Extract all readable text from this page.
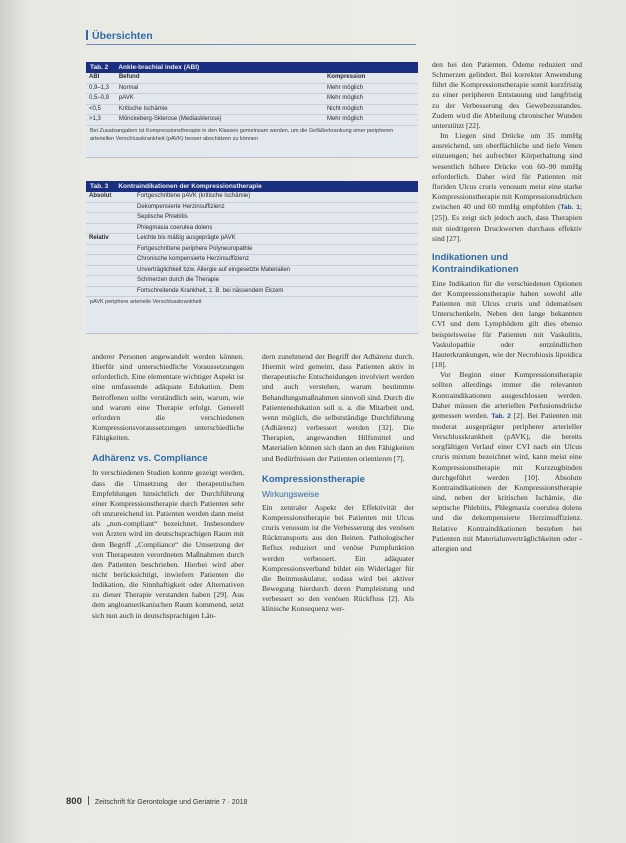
Übersichten
Tab. 2 Ankle-brachial index (ABI)
ABI	Befund	Kompression
0,9–1,3	Normal	Mehr möglich
0,5–0,9	pAVK	Mehr möglich
<0,5	Kritische Ischämie	Nicht möglich
>1,3	Mönckeberg-Sklerose (Mediasklerose)	Mehr möglich
Bei Zusatzangaben ist Kompressionstherapie in den Klassen gemeinsam werden, um die Gefäßerkrankung einer peripheren arteriellen Verschlusskrankheit (pAVK) besser abschätzen zu können
Tab. 3 Kontraindikationen der Kompressionstherapie
Absolut	Fortgeschrittene pAVK (kritische Ischämie)
	Dekompensierte Herzinsuffizienz
	Septische Phlebitis
	Phlegmasia coerulea dolens
Relativ	Leichte bis mäßig ausgeprägte pAVK
	Fortgeschrittene periphere Polyneuropathie
	Chronische kompensierte Herzinsuffizienz
	Unverträglichkeit bzw. Allergie auf eingesetzte Materialien
	Schmerzen durch die Therapie
	Fortschreitende Krankheit, z. B. bei nässendem Ekzem
pAVK periphere arterielle Verschlusskrankheit

den bei den Patienten. Ödeme reduziert und Schmerzen gelindert. Bei korrekter Anwendung führt die Kompressionstherapie somit kurzfristig zu einer peripheren Entstauung und langfristig zu der Verbesserung des Gewebezustandes. Zudem wird die Abheilung chronischer Wunden unterstützt [22].

Im Liegen sind Drücke um 35 mmHg ausreichend, um oberflächliche und tiefe Venen einzuengen; bei aufrechter Körperhaltung sind wesentlich höhere Drücke von 60–90 mmHg erforderlich. Daher wird für Patienten mit floriden Ulcus cruris venosum meist eine starke Kompressionstherapie mit Kompressionsdrücken zwischen 40 und 60 mmHg empfohlen (Tab. 1; [25]). Es zeigt sich jedoch auch, dass Therapien mit niedrigeren Druckwerten durchaus effektiv sind [27].

Indikationen und Kontraindikationen

Eine Indikation für die verschiedenen Optionen der Kompressionstherapie haben sowohl alle Patienten mit Ulcus cruris und ödematösen Unterschenkeln. Neben den lange bekannten CVI und dem Lymphödem gilt dies ebenso beispielsweise für Patienten mit Vaskulitis, Vaskulopathie oder entzündlichen Hauterkrankungen, wie der Necrobiosis lipoidica [18].

Vor Beginn einer Kompressionstherapie sollten allerdings immer die relevanten Kontraindikationen ausgeschlossen werden. Daher müssen die arteriellen Perfusionsdrücke gemessen werden. Tab. 2 [2]. Bei Patienten mit moderat ausgeprägter peripherer arterieller Verschlusskrankheit (pAVK), die bereits sorgfältigen Verlauf einer CVI nach ein Ulcus cruris mixtum bezeichnet wird, kann meist eine Kompressionstherapie mit Kurzzugbinden durchgeführt werden [10]. Absolute Kontraindikationen der Kompressionstherapie sind, neben der kritischen Ischämie, die septische Phlebitis, Phlegmasia coerulea dolens und die dekompensierte Herzinsuffizienz. Relative Kontraindikationen bestehen bei Patienten mit Materialunverträglichkeiten oder -allergien und

anderer Personen angewandelt werden können. Hierfür sind unterschiedliche Voraussetzungen erforderlich. Eine elementare wichtiger Aspekt ist eine umfassende adäquate Edukation. Dem Betroffenen sollte verständlich sein, warum, wie und warum eine Therapie erfolgt. Generell erfordern die verschiedenen Kompressionsvoraussetzungen unterschiedliche Fähigkeiten.

Adhärenz vs. Compliance

In verschiedenen Studien konnte gezeigt werden, dass die Umsetzung der therapeutischen Empfehlungen hinsichtlich der Durchführung einer Kompressionstherapie durch Patienten sehr oft unzureichend ist. Patienten werden dann meist als „non-compliant“ bezeichnet. Insbesondere von Ärzten wird im deutschsprachigen Raum mit dem Begriff „Compliance“ die Umsetzung der von Therapeuten verordneten Maßnahmen durch den Patienten beschrieben. Hierbei wird aber nicht berücksichtigt, inwiefern Patienten die Indikation, die Sinnhaftigkeit oder Alternativen zu dieser Therapie verstanden haben [29]. Aus dem angloamerikanischen Raum kommend, setzt sich nun auch in deutschsprachigen Län-

dern zunehmend der Begriff der Adhärenz durch. Hiermit wird gemeint, dass Patienten aktiv in therapeutische Entscheidungen involviert werden und auch verstehen, warum bestimmte Behandlungsmaßnahmen sinnvoll sind. Durch die Patientenedukation soll u. a. die Mitarbeit und, wenn möglich, die selbstständige Durchführung (Adhärenz) verbessert werden [32]. Die Therapien, angewandten Hilfsmittel und Materialien können sich dann an den Fähigkeiten und Bedürfnissen der Patienten orientieren [7].

Kompressionstherapie
Wirkungsweise

Ein zentraler Aspekt der Effektivität der Kompressionstherapie bei Patienten mit Ulcus cruris venosum ist die Verbesserung des venösen Rücktransports aus den Beinen. Pathologischer Reflux reduziert und venöse Pumpfunktion werden verbessert. Ein adäquater Kompressionsverband bildet ein Widerlager für die Beinmuskulatur, sodass wird bei aktiver Bewegung hierdurch deren Pumpleistung und verbessert so den venösen Rückfluss [2]. Als klinische Konsequenz wer-

800 Zeitschrift für Gerontologie und Geriatrie 7 · 2018
